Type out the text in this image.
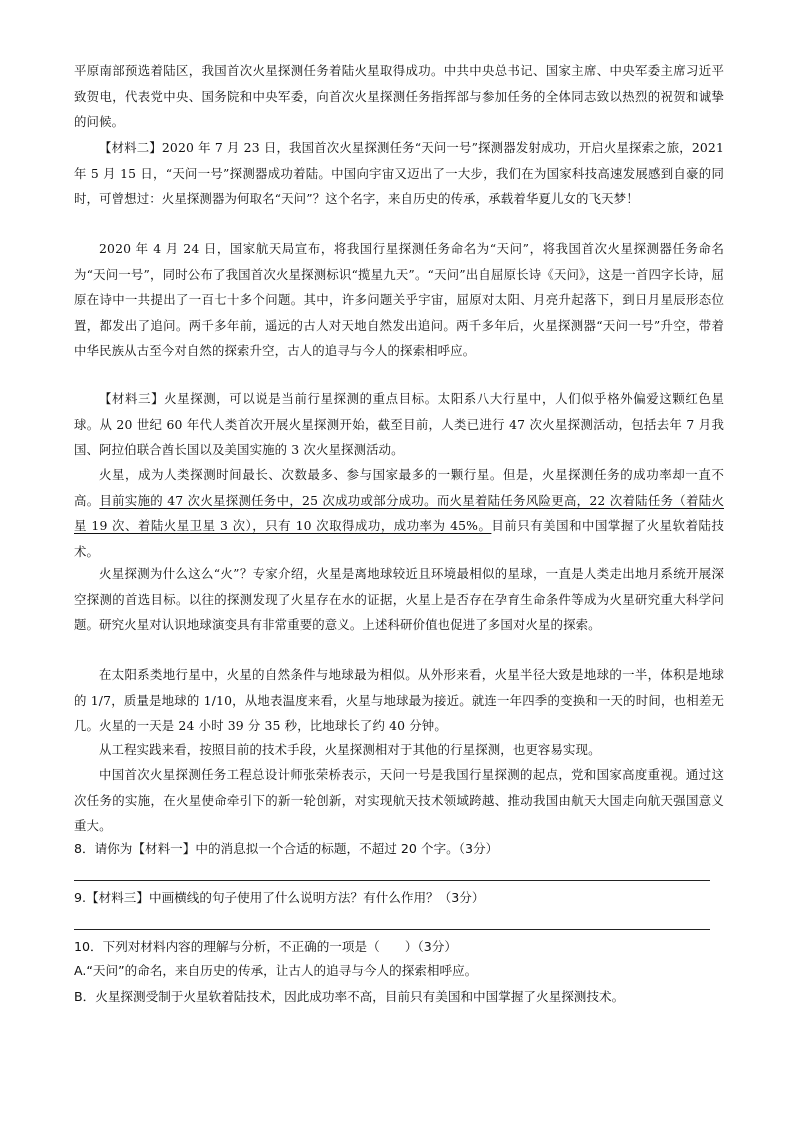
平原南部预选着陆区，我国首次火星探测任务着陆火星取得成功。中共中央总书记、国家主席、中央军委主席习近平致贺电，代表党中央、国务院和中央军委，向首次火星探测任务指挥部与参加任务的全体同志致以热烈的祝贺和诚挚的问候。

【材料二】2020 年 7 月 23 日，我国首次火星探测任务“天问一号”探测器发射成功，开启火星探索之旅，2021 年 5 月 15 日，“天问一号”探测器成功着陆。中国向宇宙又迈出了一大步，我们在为国家科技高速发展感到自豪的同时，可曾想过：火星探测器为何取名“天问”？这个名字，来自历史的传承，承载着华夏儿女的飞天梦！

2020 年 4 月 24 日，国家航天局宣布，将我国行星探测任务命名为“天问”，将我国首次火星探测器任务命名为“天问一号”，同时公布了我国首次火星探测标识“揽星九天”。“天问”出自屈原长诗《天问》，这是一首四字长诗，屈原在诗中一共提出了一百七十多个问题。其中，许多问题关乎宇宙，屈原对太阳、月亮升起落下，到日月星辰形态位置，都发出了追问。两千多年前，遥远的古人对天地自然发出追问。两千多年后，火星探测器“天问一号”升空，带着中华民族从古至今对自然的探索升空，古人的追寻与今人的探索相呼应。

【材料三】火星探测，可以说是当前行星探测的重点目标。太阳系八大行星中，人们似乎格外偏爱这颗红色星球。从 20 世纪 60 年代人类首次开展火星探测开始，截至目前，人类已进行 47 次火星探测活动，包括去年 7 月我国、阿拉伯联合酋长国以及美国实施的 3 次火星探测活动。

火星，成为人类探测时间最长、次数最多、参与国家最多的一颗行星。但是，火星探测任务的成功率却一直不高。目前实施的 47 次火星探测任务中，25 次成功或部分成功。而火星着陆任务风险更高，22 次着陆任务（着陆火星 19 次、着陆火星卫星 3 次），只有 10 次取得成功，成功率为 45%。目前只有美国和中国掌握了火星软着陆技术。

火星探测为什么这么“火”？专家介绍，火星是离地球较近且环境最相似的星球，一直是人类走出地月系统开展深空探测的首选目标。以往的探测发现了火星存在水的证据，火星上是否存在孕育生命条件等成为火星研究重大科学问题。研究火星对认识地球演变具有非常重要的意义。上述科研价值也促进了多国对火星的探索。

在太阳系类地行星中，火星的自然条件与地球最为相似。从外形来看，火星半径大致是地球的一半，体积是地球的 1/7，质量是地球的 1/10，从地表温度来看，火星与地球最为接近。就连一年四季的变换和一天的时间，也相差无几。火星的一天是 24 小时 39 分 35 秒，比地球长了约 40 分钟。

从工程实践来看，按照目前的技术手段，火星探测相对于其他的行星探测，也更容易实现。

中国首次火星探测任务工程总设计师张荣桥表示，天问一号是我国行星探测的起点，党和国家高度重视。通过这次任务的实施，在火星使命牵引下的新一轮创新，对实现航天技术领域跨越、推动我国由航天大国走向航天强国意义重大。

8．请你为【材料一】中的消息拟一个合适的标题，不超过 20 个字。（3分）

9.【材料三】中画横线的句子使用了什么说明方法？有什么作用？（3分）

10．下列对材料内容的理解与分析，不正确的一项是（　　）（3分）

A.“天问”的命名，来自历史的传承，让古人的追寻与今人的探索相呼应。

B．火星探测受制于火星软着陆技术，因此成功率不高，目前只有美国和中国掌握了火星探测技术。
